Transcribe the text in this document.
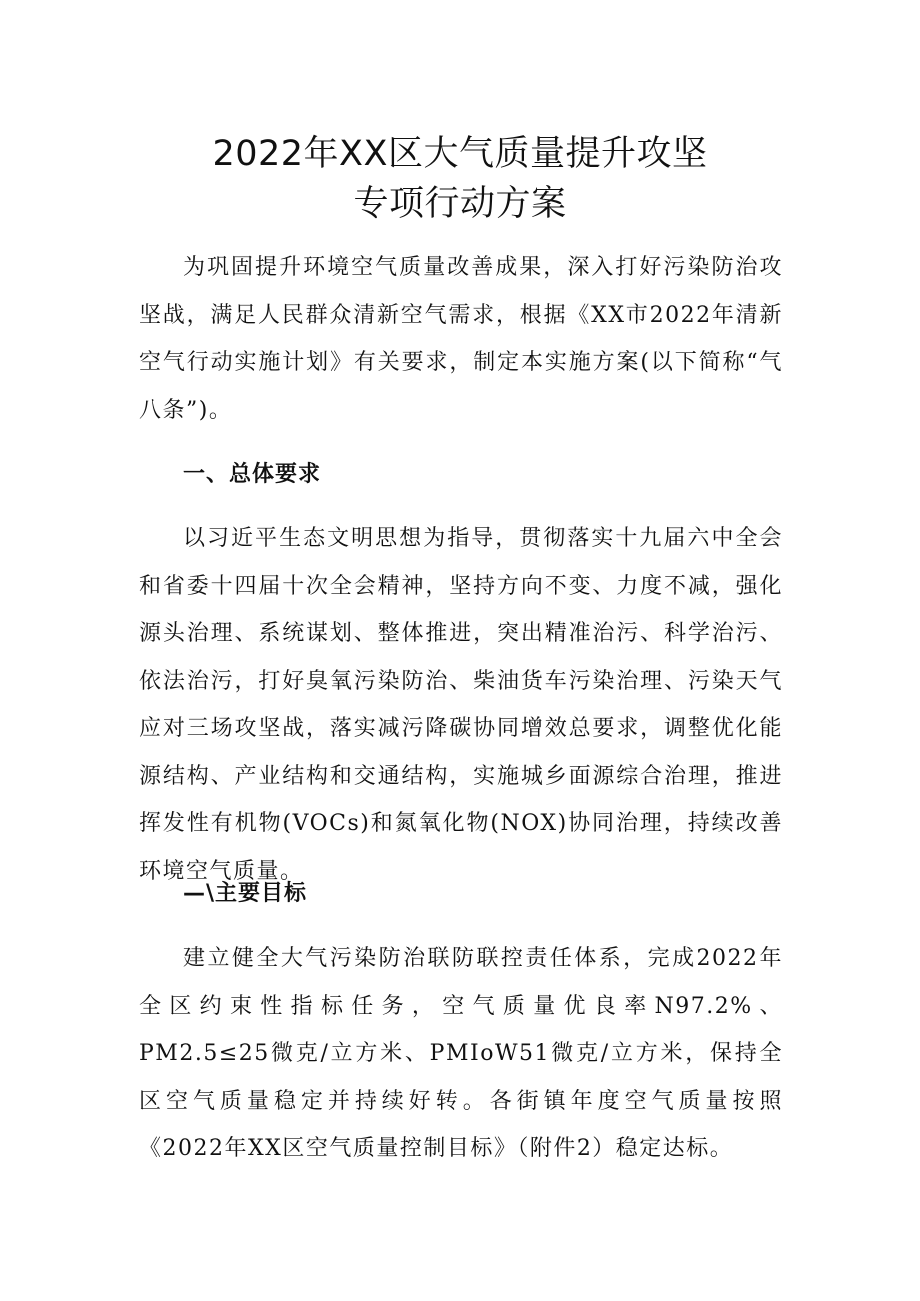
2022年XX区大气质量提升攻坚
专项行动方案

为巩固提升环境空气质量改善成果，深入打好污染防治攻坚战，满足人民群众清新空气需求，根据《XX市2022年清新空气行动实施计划》有关要求，制定本实施方案(以下简称“气八条”)。

一、总体要求

以习近平生态文明思想为指导，贯彻落实十九届六中全会和省委十四届十次全会精神，坚持方向不变、力度不减，强化源头治理、系统谋划、整体推进，突出精准治污、科学治污、依法治污，打好臭氧污染防治、柴油货车污染治理、污染天气应对三场攻坚战，落实减污降碳协同增效总要求，调整优化能源结构、产业结构和交通结构，实施城乡面源综合治理，推进挥发性有机物(VOCs)和氮氧化物(NOX)协同治理，持续改善环境空气质量。

—\主要目标

建立健全大气污染防治联防联控责任体系，完成2022年全区约束性指标任务，空气质量优良率N97.2%、PM2.5≤25微克/立方米、PMIoW51微克/立方米，保持全区空气质量稳定并持续好转。各街镇年度空气质量按照《2022年XX区空气质量控制目标》（附件2）稳定达标。
